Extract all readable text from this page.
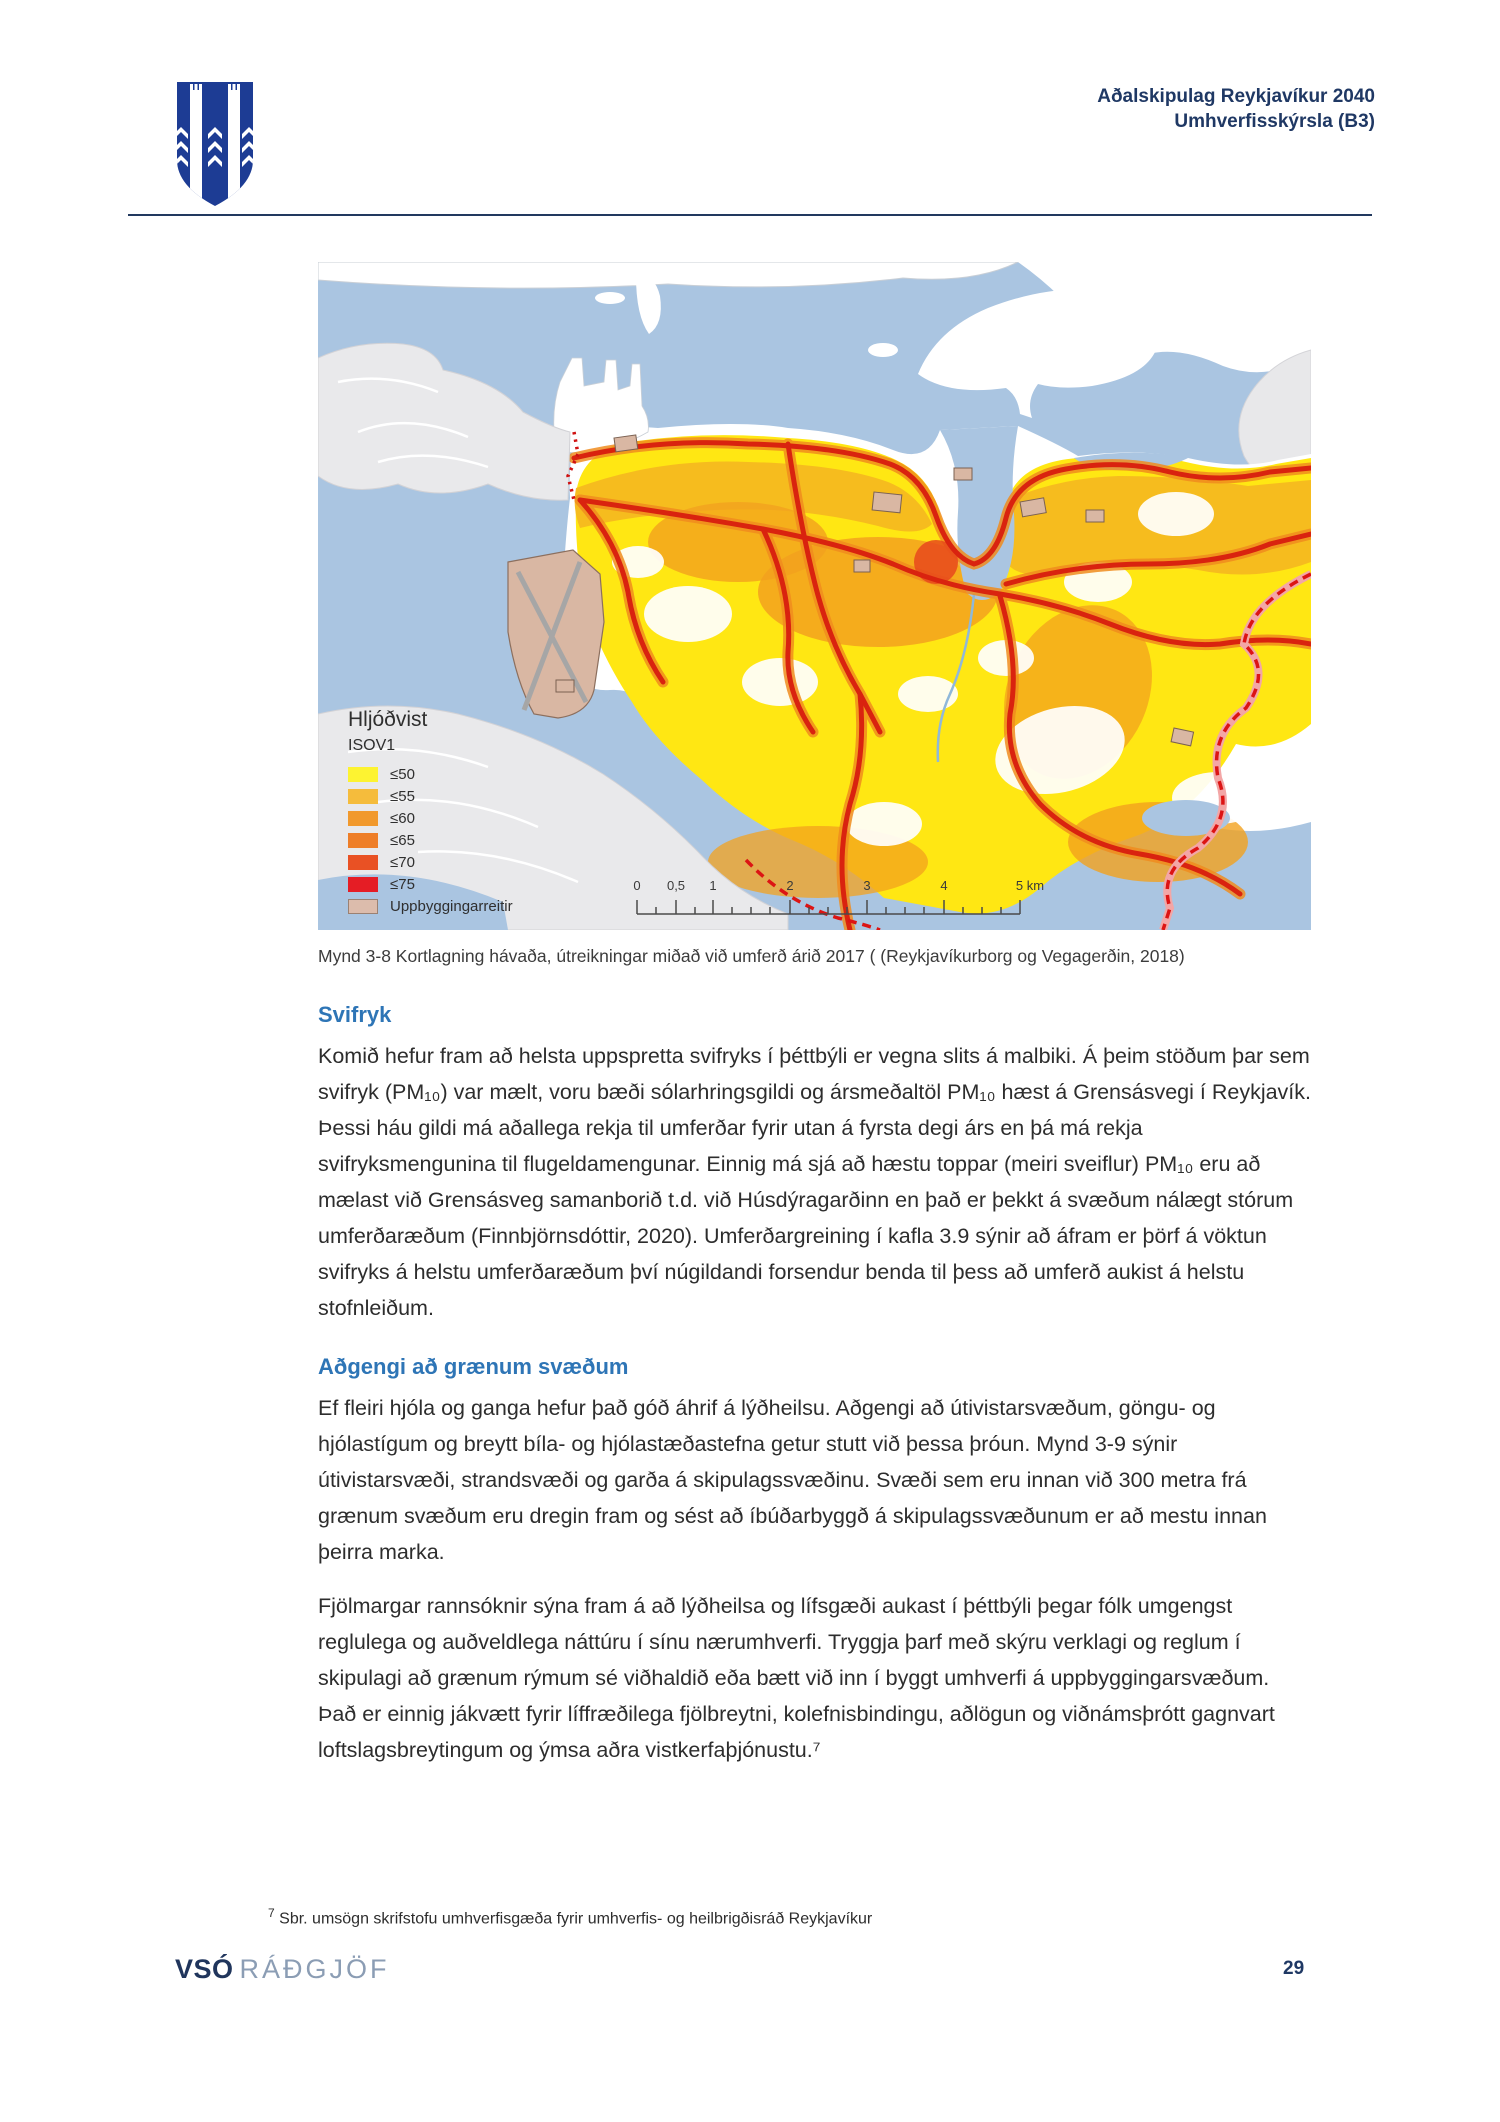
Aðalskipulag Reykjavíkur 2040
Umhverfisskýrsla (B3)
Hljóðvist
ISOV1
≤50
≤55
≤60
≤65
≤70
≤75
Uppbyggingarreitir
0 0,5 1	2	3	4	5 km
Mynd 3-8 Kortlagning hávaða, útreikningar miðað við umferð árið 2017 ( (Reykjavíkurborg og Vegagerðin, 2018)
Svifryk

Komið hefur fram að helsta uppspretta svifryks í þéttbýli er vegna slits á malbiki. Á þeim stöðum þar sem svifryk (PM₁₀) var mælt, voru bæði sólarhringsgildi og ársmeðaltöl PM₁₀ hæst á Grensásvegi í Reykjavík. Þessi háu gildi má aðallega rekja til umferðar fyrir utan á fyrsta degi árs en þá má rekja svifryksmengunina til flugeldamengunar. Einnig má sjá að hæstu toppar (meiri sveiflur) PM₁₀ eru að mælast við Grensásveg samanborið t.d. við Húsdýragarðinn en það er þekkt á svæðum nálægt stórum umferðaræðum (Finnbjörnsdóttir, 2020). Umferðargreining í kafla 3.9 sýnir að áfram er þörf á vöktun svifryks á helstu umferðaræðum því núgildandi forsendur benda til þess að umferð aukist á helstu stofnleiðum.

Aðgengi að grænum svæðum

Ef fleiri hjóla og ganga hefur það góð áhrif á lýðheilsu. Aðgengi að útivistarsvæðum, göngu- og hjólastígum og breytt bíla- og hjólastæðastefna getur stutt við þessa þróun. Mynd 3-9 sýnir útivistarsvæði, strandsvæði og garða á skipulagssvæðinu. Svæði sem eru innan við 300 metra frá grænum svæðum eru dregin fram og sést að íbúðarbyggð á skipulagssvæðunum er að mestu innan þeirra marka.

Fjölmargar rannsóknir sýna fram á að lýðheilsa og lífsgæði aukast í þéttbýli þegar fólk umgengst reglulega og auðveldlega náttúru í sínu nærumhverfi. Tryggja þarf með skýru verklagi og reglum í skipulagi að grænum rýmum sé viðhaldið eða bætt við inn í byggt umhverfi á uppbyggingarsvæðum. Það er einnig jákvætt fyrir líffræðilega fjölbreytni, kolefnisbindingu, aðlögun og viðnámsþrótt gagnvart loftslagsbreytingum og ýmsa aðra vistkerfaþjónustu.⁷

$^7$ Sbr. umsögn skrifstofu umhverfisgæða fyrir umhverfis- og heilbrigðisráð Reykjavíkur
VSÓ RÁÐGJÖF	29
